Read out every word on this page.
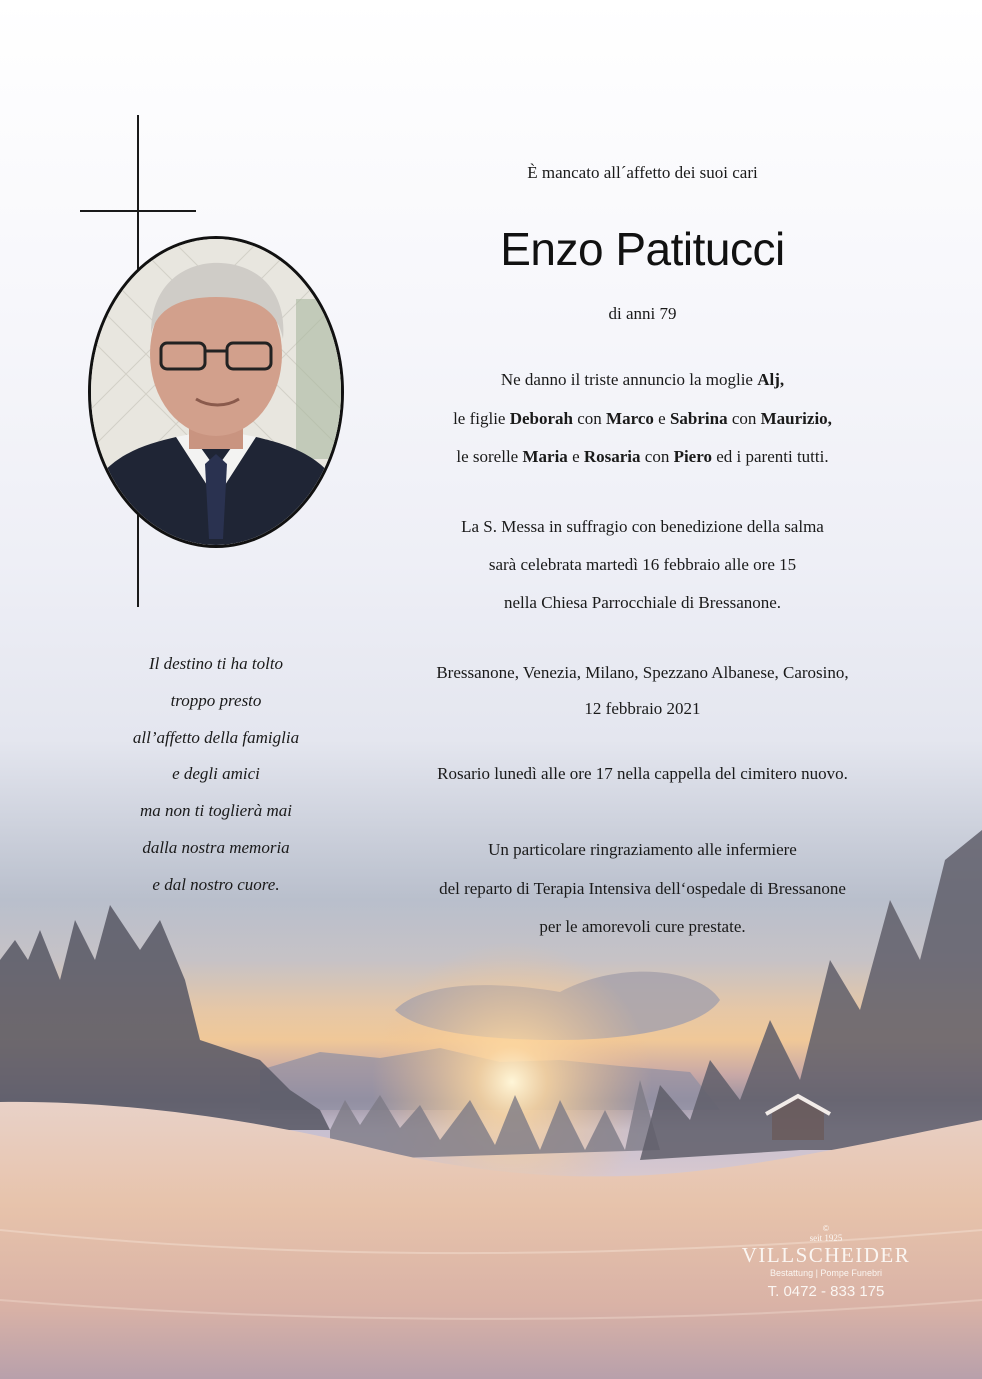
È mancato all´affetto dei suoi cari
Enzo Patitucci
di anni 79
Ne danno il triste annuncio la moglie Alj,
le figlie Deborah con Marco e Sabrina con Maurizio,
le sorelle Maria e Rosaria con Piero ed i parenti tutti.
La S. Messa in suffragio con benedizione della salma
sarà celebrata martedì 16 febbraio alle ore 15
nella Chiesa Parrocchiale di Bressanone.
Bressanone, Venezia, Milano, Spezzano Albanese, Carosino,
12 febbraio 2021
Rosario lunedì alle ore 17 nella cappella del cimitero nuovo.
Un particolare ringraziamento alle infermiere
del reparto di Terapia Intensiva dell‘ospedale di Bressanone
per le amorevoli cure prestate.
Il destino ti ha tolto
troppo presto
all’affetto della famiglia
e degli amici
ma non ti toglierà mai
dalla nostra memoria
e dal nostro cuore.
©
seit 1925
VILLSCHEIDER
Bestattung | Pompe Funebri
T. 0472 - 833 175
